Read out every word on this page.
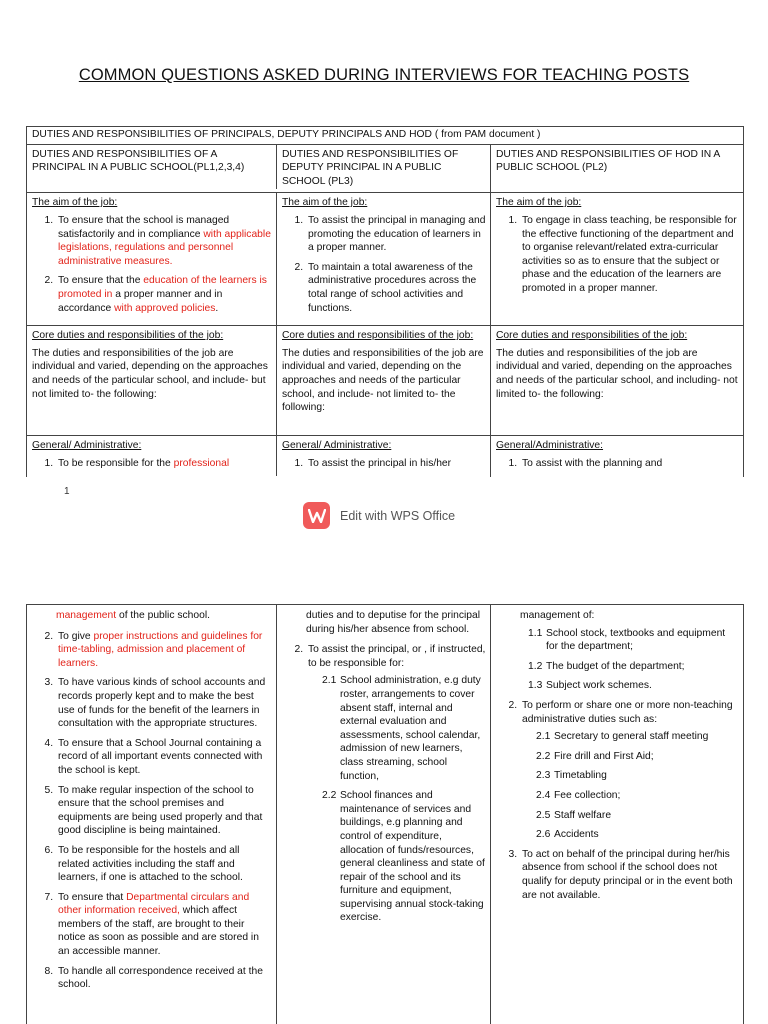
COMMON QUESTIONS ASKED DURING INTERVIEWS FOR TEACHING POSTS
DUTIES AND RESPONSIBILITIES OF PRINCIPALS, DEPUTY PRINCIPALS AND HOD ( from PAM document )
DUTIES AND RESPONSIBILITIES OF A PRINCIPAL IN A PUBLIC SCHOOL(PL1,2,3,4)
DUTIES AND RESPONSIBILITIES OF DEPUTY PRINCIPAL IN A PUBLIC SCHOOL (PL3)
DUTIES AND RESPONSIBILITIES OF HOD IN A PUBLIC SCHOOL (PL2)
The aim of the job:
1. To ensure that the school is managed satisfactorily and in compliance with applicable legislations, regulations and personnel administrative measures.
2. To ensure that the education of the learners is promoted in a proper manner and in accordance with approved policies.
The aim of the job:
1. To assist the principal in managing and promoting the education of learners in a proper manner.
2. To maintain a total awareness of the administrative procedures across the total range of school activities and functions.
The aim of the job:
1. To engage in class teaching, be responsible for the effective functioning of the department and to organise relevant/related extra-curricular activities so as to ensure that the subject or phase and the education of the learners are promoted in a proper manner.
Core duties and responsibilities of the job:

The duties and responsibilities of the job are individual and varied, depending on the approaches and needs of the particular school, and include- but not limited to- the following:

Core duties and responsibilities of the job:

The duties and responsibilities of the job are individual and varied, depending on the approaches and needs of the particular school, and include- not limited to- the following:

Core duties and responsibilities of the job:

The duties and responsibilities of the job are individual and varied, depending on the approaches and needs of the particular school, and including- not limited to- the following:

General/ Administrative:
1. To be responsible for the professional
General/ Administrative:
1. To assist the principal in his/her
General/Administrative:
1. To assist with the planning and
1
Edit with WPS Office
management of the public school.
2. To give proper instructions and guidelines for time-tabling, admission and placement of learners.
3. To have various kinds of school accounts and records properly kept and to make the best use of funds for the benefit of the learners in consultation with the appropriate structures.
4. To ensure that a School Journal containing a record of all important events connected with the school is kept.
5. To make regular inspection of the school to ensure that the school premises and equipments are being used properly and that good discipline is being maintained.
6. To be responsible for the hostels and all related activities including the staff and learners, if one is attached to the school.
7. To ensure that Departmental circulars and other information received, which affect members of the staff, are brought to their notice as soon as possible and are stored in an accessible manner.
8. To handle all correspondence received at the school.
duties and to deputise for the principal during his/her absence from school.
2. To assist the principal, or , if instructed, to be responsible for:
2.1 School administration, e.g duty roster, arrangements to cover absent staff, internal and external evaluation and assessments, school calendar, admission of new learners, class streaming, school function,
2.2 School finances and maintenance of services and buildings, e.g planning and control of expenditure, allocation of funds/resources, general cleanliness and state of repair of the school and its furniture and equipment, supervising annual stock-taking exercise.
management of:
1.1 School stock, textbooks and equipment for the department;
1.2 The budget of the department;
1.3 Subject work schemes.
2. To perform or share one or more non-teaching administrative duties such as:
2.1 Secretary to general staff meeting
2.2 Fire drill and First Aid;
2.3 Timetabling
2.4 Fee collection;
2.5 Staff welfare
2.6 Accidents
3. To act on behalf of the principal during her/his absence from school if the school does not qualify for deputy principal or in the event both are not available.
